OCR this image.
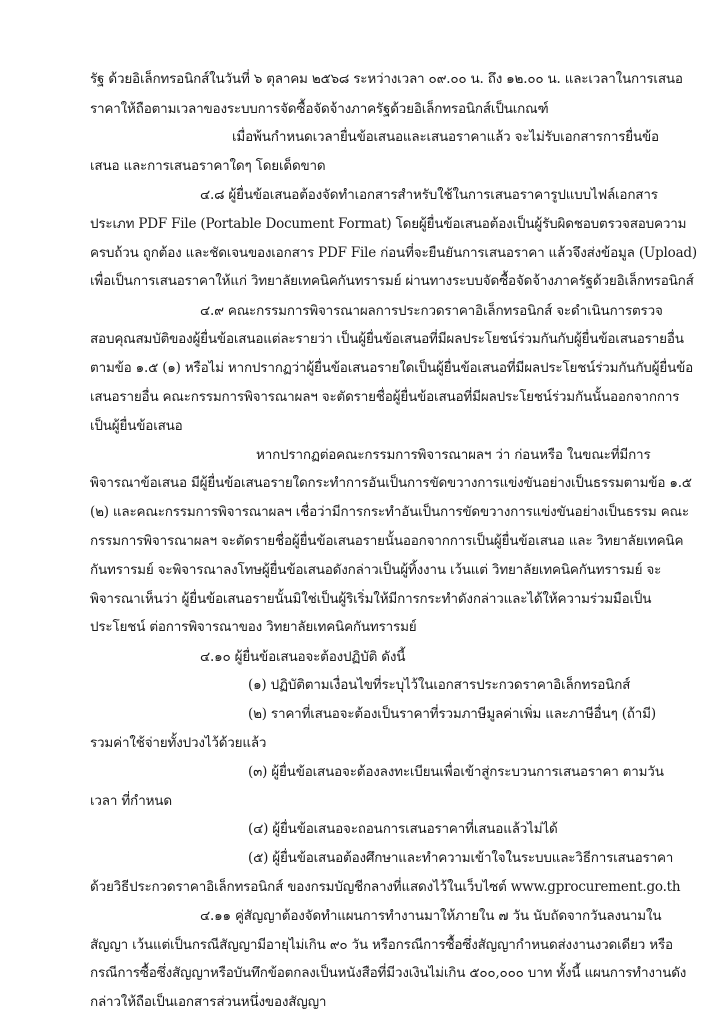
รัฐ ด้วยอิเล็กทรอนิกส์ในวันที่ ๖ ตุลาคม ๒๕๖๘ ระหว่างเวลา ๐๙.๐๐ น. ถึง ๑๒.๐๐ น. และเวลาในการเสนอ
ราคาให้ถือตามเวลาของระบบการจัดซื้อจัดจ้างภาครัฐด้วยอิเล็กทรอนิกส์เป็นเกณฑ์
เมื่อพ้นกำหนดเวลายื่นข้อเสนอและเสนอราคาแล้ว จะไม่รับเอกสารการยื่นข้อ
เสนอ และการเสนอราคาใดๆ โดยเด็ดขาด
๔.๘ ผู้ยื่นข้อเสนอต้องจัดทำเอกสารสำหรับใช้ในการเสนอราคารูปแบบไฟล์เอกสาร
ประเภท PDF File (Portable Document Format) โดยผู้ยื่นข้อเสนอต้องเป็นผู้รับผิดชอบตรวจสอบความ
ครบถ้วน ถูกต้อง และชัดเจนของเอกสาร PDF File ก่อนที่จะยืนยันการเสนอราคา แล้วจึงส่งข้อมูล (Upload)
เพื่อเป็นการเสนอราคาให้แก่ วิทยาลัยเทคนิคกันทรารมย์ ผ่านทางระบบจัดซื้อจัดจ้างภาครัฐด้วยอิเล็กทรอนิกส์
๔.๙ คณะกรรมการพิจารณาผลการประกวดราคาอิเล็กทรอนิกส์ จะดำเนินการตรวจ
สอบคุณสมบัติของผู้ยื่นข้อเสนอแต่ละรายว่า เป็นผู้ยื่นข้อเสนอที่มีผลประโยชน์ร่วมกันกับผู้ยื่นข้อเสนอรายอื่น
ตามข้อ ๑.๕ (๑) หรือไม่ หากปรากฏว่าผู้ยื่นข้อเสนอรายใดเป็นผู้ยื่นข้อเสนอที่มีผลประโยชน์ร่วมกันกับผู้ยื่นข้อ
เสนอรายอื่น คณะกรรมการพิจารณาผลฯ จะตัดรายชื่อผู้ยื่นข้อเสนอที่มีผลประโยชน์ร่วมกันนั้นออกจากการ
เป็นผู้ยื่นข้อเสนอ
หากปรากฏต่อคณะกรรมการพิจารณาผลฯ ว่า ก่อนหรือ ในขณะที่มีการ
พิจารณาข้อเสนอ มีผู้ยื่นข้อเสนอรายใดกระทำการอันเป็นการขัดขวางการแข่งขันอย่างเป็นธรรมตามข้อ ๑.๕
(๒) และคณะกรรมการพิจารณาผลฯ เชื่อว่ามีการกระทำอันเป็นการขัดขวางการแข่งขันอย่างเป็นธรรม คณะ
กรรมการพิจารณาผลฯ จะตัดรายชื่อผู้ยื่นข้อเสนอรายนั้นออกจากการเป็นผู้ยื่นข้อเสนอ และ วิทยาลัยเทคนิค
กันทรารมย์ จะพิจารณาลงโทษผู้ยื่นข้อเสนอดังกล่าวเป็นผู้ทิ้งงาน เว้นแต่ วิทยาลัยเทคนิคกันทรารมย์ จะ
พิจารณาเห็นว่า ผู้ยื่นข้อเสนอรายนั้นมิใช่เป็นผู้ริเริ่มให้มีการกระทำดังกล่าวและได้ให้ความร่วมมือเป็น
ประโยชน์ ต่อการพิจารณาของ วิทยาลัยเทคนิคกันทรารมย์
๔.๑๐ ผู้ยื่นข้อเสนอจะต้องปฏิบัติ ดังนี้
(๑) ปฏิบัติตามเงื่อนไขที่ระบุไว้ในเอกสารประกวดราคาอิเล็กทรอนิกส์
(๒) ราคาที่เสนอจะต้องเป็นราคาที่รวมภาษีมูลค่าเพิ่ม และภาษีอื่นๆ (ถ้ามี)
รวมค่าใช้จ่ายทั้งปวงไว้ด้วยแล้ว
(๓) ผู้ยื่นข้อเสนอจะต้องลงทะเบียนเพื่อเข้าสู่กระบวนการเสนอราคา ตามวัน
เวลา ที่กำหนด
(๔) ผู้ยื่นข้อเสนอจะถอนการเสนอราคาที่เสนอแล้วไม่ได้
(๕) ผู้ยื่นข้อเสนอต้องศึกษาและทำความเข้าใจในระบบและวิธีการเสนอราคา
ด้วยวิธีประกวดราคาอิเล็กทรอนิกส์ ของกรมบัญชีกลางที่แสดงไว้ในเว็บไซต์ www.gprocurement.go.th
๔.๑๑ คู่สัญญาต้องจัดทำแผนการทำงานมาให้ภายใน ๗ วัน นับถัดจากวันลงนามใน
สัญญา เว้นแต่เป็นกรณีสัญญามีอายุไม่เกิน ๙๐ วัน หรือกรณีการซื้อซึ่งสัญญากำหนดส่งงานงวดเดียว หรือ
กรณีการซื้อซึ่งสัญญาหรือบันทึกข้อตกลงเป็นหนังสือที่มีวงเงินไม่เกิน ๕๐๐,๐๐๐ บาท ทั้งนี้ แผนการทำงานดัง
กล่าวให้ถือเป็นเอกสารส่วนหนึ่งของสัญญา
